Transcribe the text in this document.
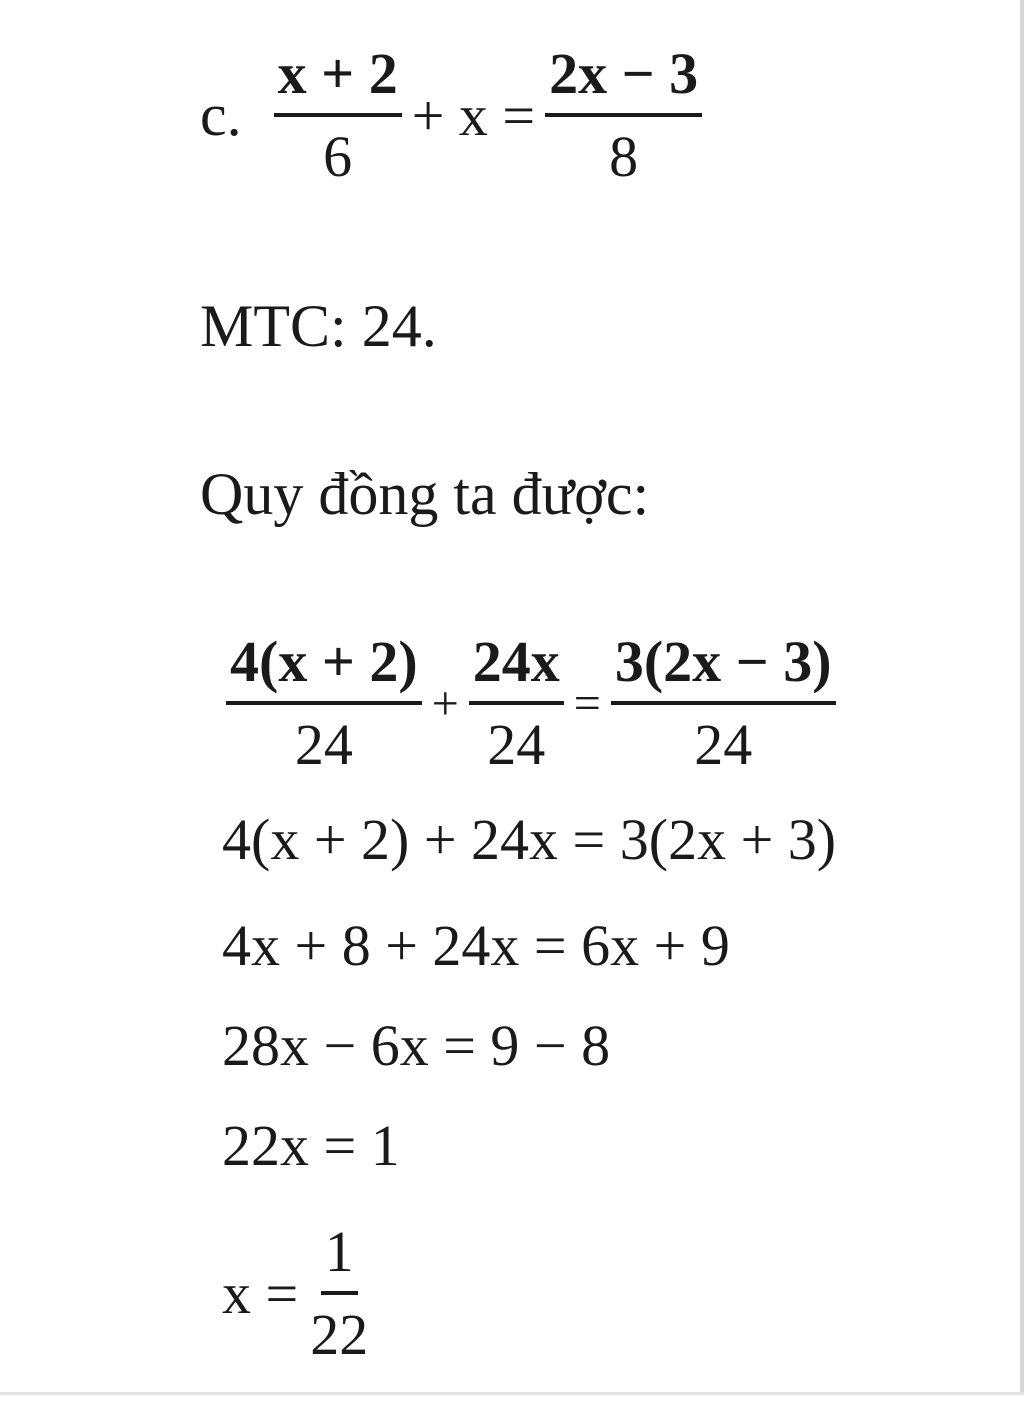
c. $\frac{x + 2}{6} + x = \frac{2x - 3}{8}$
MTC: 24.
Quy đồng ta được:
$\frac{4(x + 2)}{24} + \frac{24x}{24} = \frac{3(2x - 3)}{24}$
4(x + 2) + 24x = 3(2x + 3)
4x + 8 + 24x = 6x + 9
28x − 6x = 9 − 8
22x = 1
$x = \frac{1}{22}$
